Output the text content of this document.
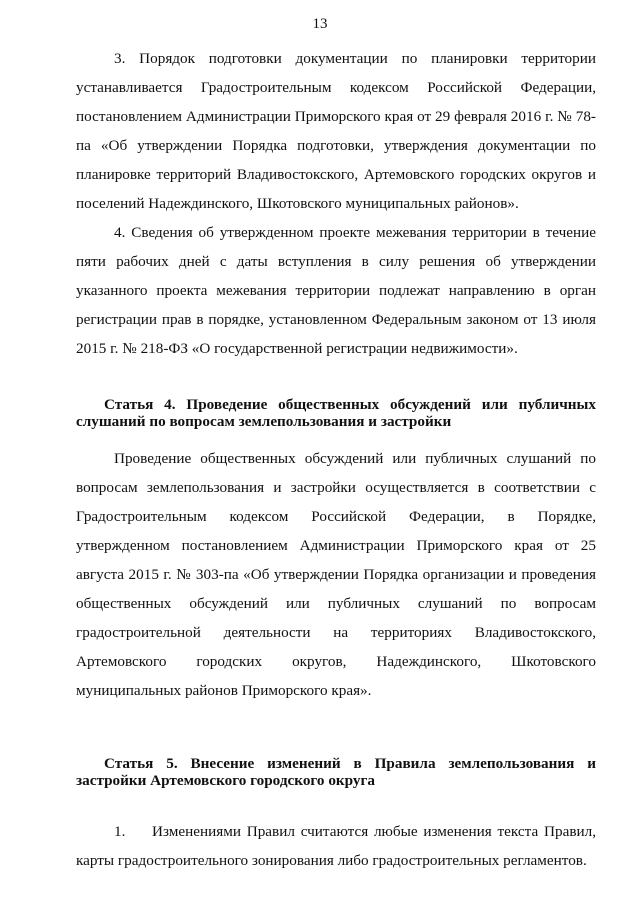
13

3. Порядок подготовки документации по планировки территории устанавливается Градостроительным кодексом Российской Федерации, постановлением Администрации Приморского края от 29 февраля 2016 г. № 78-па «Об утверждении Порядка подготовки, утверждения документации по планировке территорий Владивостокского, Артемовского городских округов и поселений Надеждинского, Шкотовского муниципальных районов».

4. Сведения об утвержденном проекте межевания территории в течение пяти рабочих дней с даты вступления в силу решения об утверждении указанного проекта межевания территории подлежат направлению в орган регистрации прав в порядке, установленном Федеральным законом от 13 июля 2015 г. № 218-ФЗ «О государственной регистрации недвижимости».

Статья 4. Проведение общественных обсуждений или публичных слушаний по вопросам землепользования и застройки

Проведение общественных обсуждений или публичных слушаний по вопросам землепользования и застройки осуществляется в соответствии с Градостроительным кодексом Российской Федерации, в Порядке, утвержденном постановлением Администрации Приморского края от 25 августа 2015 г. № 303-па «Об утверждении Порядка организации и проведения общественных обсуждений или публичных слушаний по вопросам градостроительной деятельности на территориях Владивостокского, Артемовского городских округов, Надеждинского, Шкотовского муниципальных районов Приморского края».

Статья 5. Внесение изменений в Правила землепользования и застройки Артемовского городского округа

1. Изменениями Правил считаются любые изменения текста Правил, карты градостроительного зонирования либо градостроительных регламентов.
